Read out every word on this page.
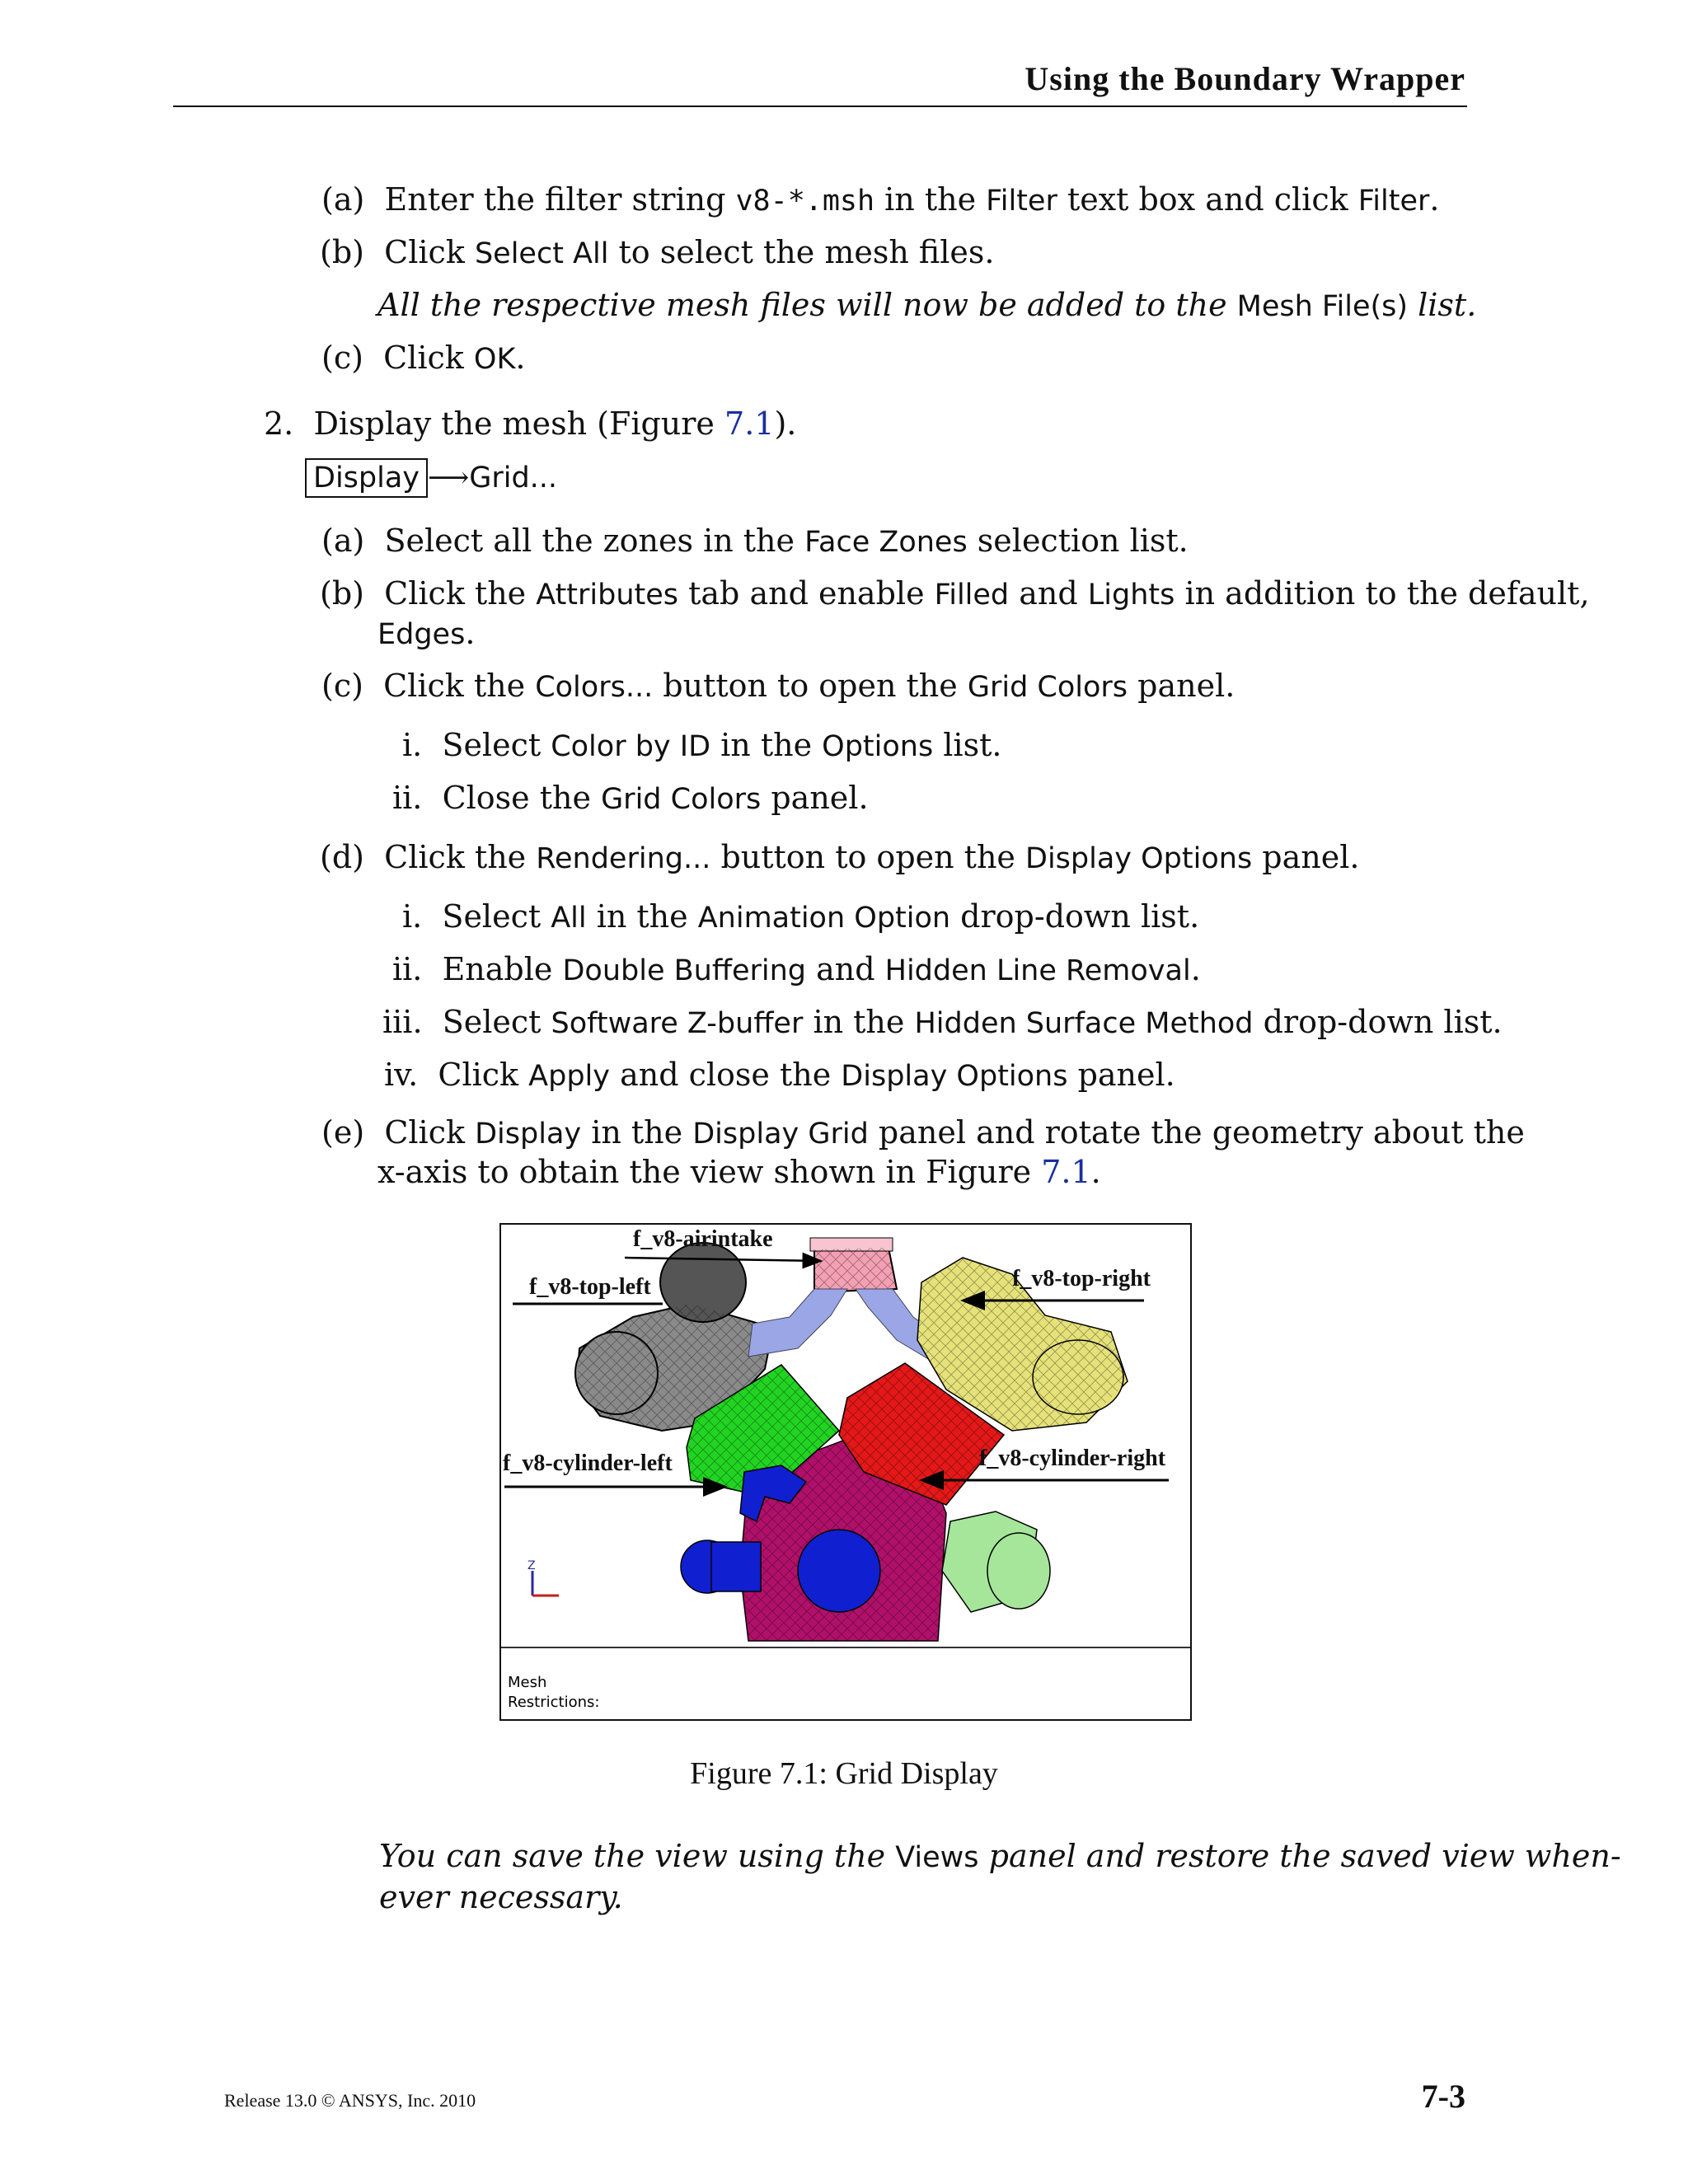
Using the Boundary Wrapper
(a) Enter the filter string v8-*.msh in the Filter text box and click Filter.
(b) Click Select All to select the mesh files.
All the respective mesh files will now be added to the Mesh File(s) list.
(c) Click OK.
2. Display the mesh (Figure 7.1).
Display ⟶Grid...
(a) Select all the zones in the Face Zones selection list.
(b) Click the Attributes tab and enable Filled and Lights in addition to the default,
Edges.
(c) Click the Colors... button to open the Grid Colors panel.
i. Select Color by ID in the Options list.
ii. Close the Grid Colors panel.
(d) Click the Rendering... button to open the Display Options panel.
i. Select All in the Animation Option drop-down list.
ii. Enable Double Buffering and Hidden Line Removal.
iii. Select Software Z-buffer in the Hidden Surface Method drop-down list.
iv. Click Apply and close the Display Options panel.
(e) Click Display in the Display Grid panel and rotate the geometry about the
x-axis to obtain the view shown in Figure 7.1.
Z
f_v8-airintake
f_v8-top-left	f_v8-top-right
f_v8-cylinder-left	f_v8-cylinder-right
Mesh
Restrictions:
Figure 7.1: Grid Display
You can save the view using the Views panel and restore the saved view when-
ever necessary.
Release 13.0 © ANSYS, Inc. 2010	7-3
